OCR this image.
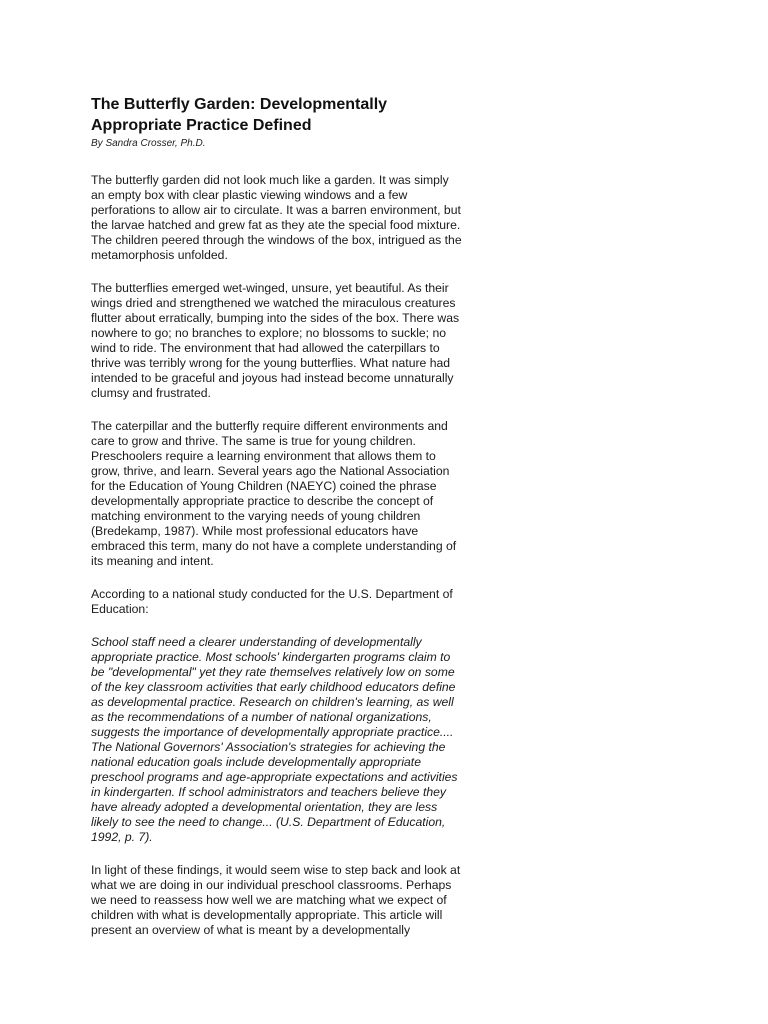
The Butterfly Garden: Developmentally
Appropriate Practice Defined
By Sandra Crosser, Ph.D.

The butterfly garden did not look much like a garden. It was simply
an empty box with clear plastic viewing windows and a few
perforations to allow air to circulate. It was a barren environment, but
the larvae hatched and grew fat as they ate the special food mixture.
The children peered through the windows of the box, intrigued as the
metamorphosis unfolded.

The butterflies emerged wet-winged, unsure, yet beautiful. As their
wings dried and strengthened we watched the miraculous creatures
flutter about erratically, bumping into the sides of the box. There was
nowhere to go; no branches to explore; no blossoms to suckle; no
wind to ride. The environment that had allowed the caterpillars to
thrive was terribly wrong for the young butterflies. What nature had
intended to be graceful and joyous had instead become unnaturally
clumsy and frustrated.

The caterpillar and the butterfly require different environments and
care to grow and thrive. The same is true for young children.
Preschoolers require a learning environment that allows them to
grow, thrive, and learn. Several years ago the National Association
for the Education of Young Children (NAEYC) coined the phrase
developmentally appropriate practice to describe the concept of
matching environment to the varying needs of young children
(Bredekamp, 1987). While most professional educators have
embraced this term, many do not have a complete understanding of
its meaning and intent.

According to a national study conducted for the U.S. Department of
Education:

School staff need a clearer understanding of developmentally
appropriate practice. Most schools' kindergarten programs claim to
be "developmental" yet they rate themselves relatively low on some
of the key classroom activities that early childhood educators define
as developmental practice. Research on children's learning, as well
as the recommendations of a number of national organizations,
suggests the importance of developmentally appropriate practice....
The National Governors' Association's strategies for achieving the
national education goals include developmentally appropriate
preschool programs and age-appropriate expectations and activities
in kindergarten. If school administrators and teachers believe they
have already adopted a developmental orientation, they are less
likely to see the need to change... (U.S. Department of Education,
1992, p. 7).

In light of these findings, it would seem wise to step back and look at
what we are doing in our individual preschool classrooms. Perhaps
we need to reassess how well we are matching what we expect of
children with what is developmentally appropriate. This article will
present an overview of what is meant by a developmentally
